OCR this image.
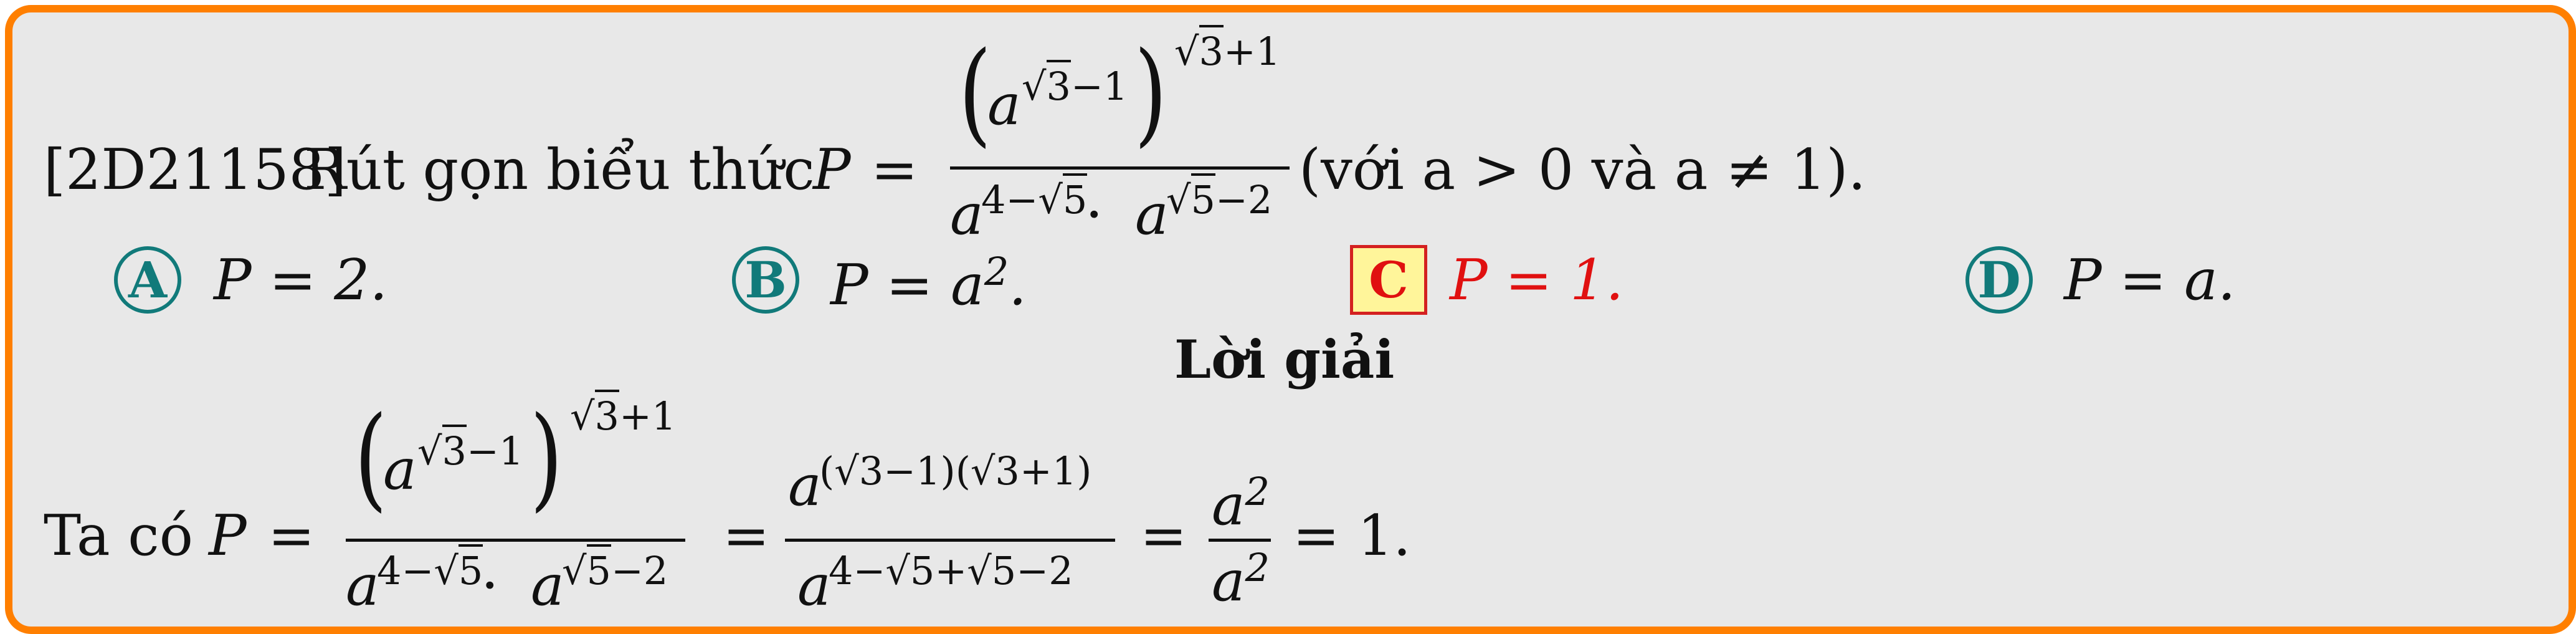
[2D21158]
Rút gọn biểu thức
P =
(
a √3−1 ) √3+1
a
4−√5
· a
√5−2 (với a > 0 và a ≠ 1).
A P = 2.	B $P = a^2$.	C P = 1.	D P = a.
Lời giải
Ta có P =
(
a √3−1 ) √3+1
a
4−√5
· a
√5−2
=
a
(√3−1)(√3+1)
a
4−√5+√5−2
= $a^2$
$a^2 = 1$.
